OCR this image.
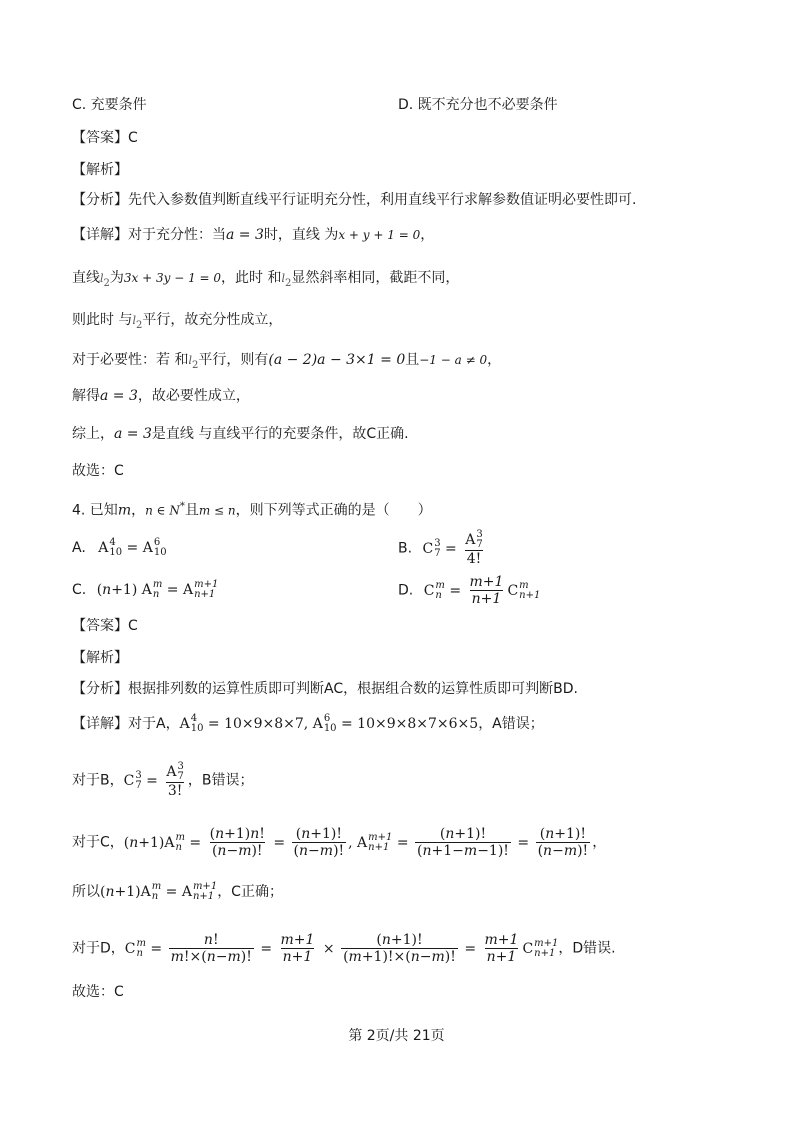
C. 充要条件	D. 既不充分也不必要条件
【答案】C
【解析】
【分析】先代入参数值判断直线平行证明充分性，利用直线平行求解参数值证明必要性即可.
【详解】对于充分性：当a = 3时，直线 为x + y + 1 = 0，
直线$l_2$为3x + 3y − 1 = 0，此时 和$l_2$显然斜率相同，截距不同，
则此时 与$l_2$平行，故充分性成立，
对于必要性：若 和$l_2$平行，则有(a − 2)a − 3×1 = 0且−1 − a ≠ 0，
解得a = 3，故必要性成立，
综上，a = 3是直线 与直线平行的充要条件，故C正确.
故选：C
4. 已知m，n ∈ N*且m ≤ n，则下列等式正确的是（　　）
A. A 4
10 = A 6
10	B. C 3
7 = A 3
7
4!
C. (n+1) A m
n = A m+1
n+1	D. C m
$n = \frac{m+1}{n+1}$ C m
n+1
【答案】C
【解析】
【分析】根据排列数的运算性质即可判断AC，根据组合数的运算性质即可判断BD.
【详解】对于A，A 4
10 = 10×9×8×7, A 6
10 = 10×9×8×7×6×5，A错误；
对于B，C 3
7 = A 3
7
3! ，B错误；
对于C，(n+1)A m
$n = \frac{(n+1)n!}{(n-m)!} = \frac{(n+1)!}{(n-m)!}$ , A m+1
$n+1 = \frac{(n+1)!}{(n+1-m-1)!} = \frac{(n+1)!}{(n-m)!}$ ，
所以(n+1)A m
n = A m+1
n+1 ，C正确；
对于D，C m
$n = \frac{n!}{m!\times(n-m)!} = \frac{m+1}{n+1} \times \frac{(n+1)!}{(m+1)!\times(n-m)!} = \frac{m+1}{n+1}$ C m+1
n+1 ，D错误.
故选：C
第 2页/共 21页
